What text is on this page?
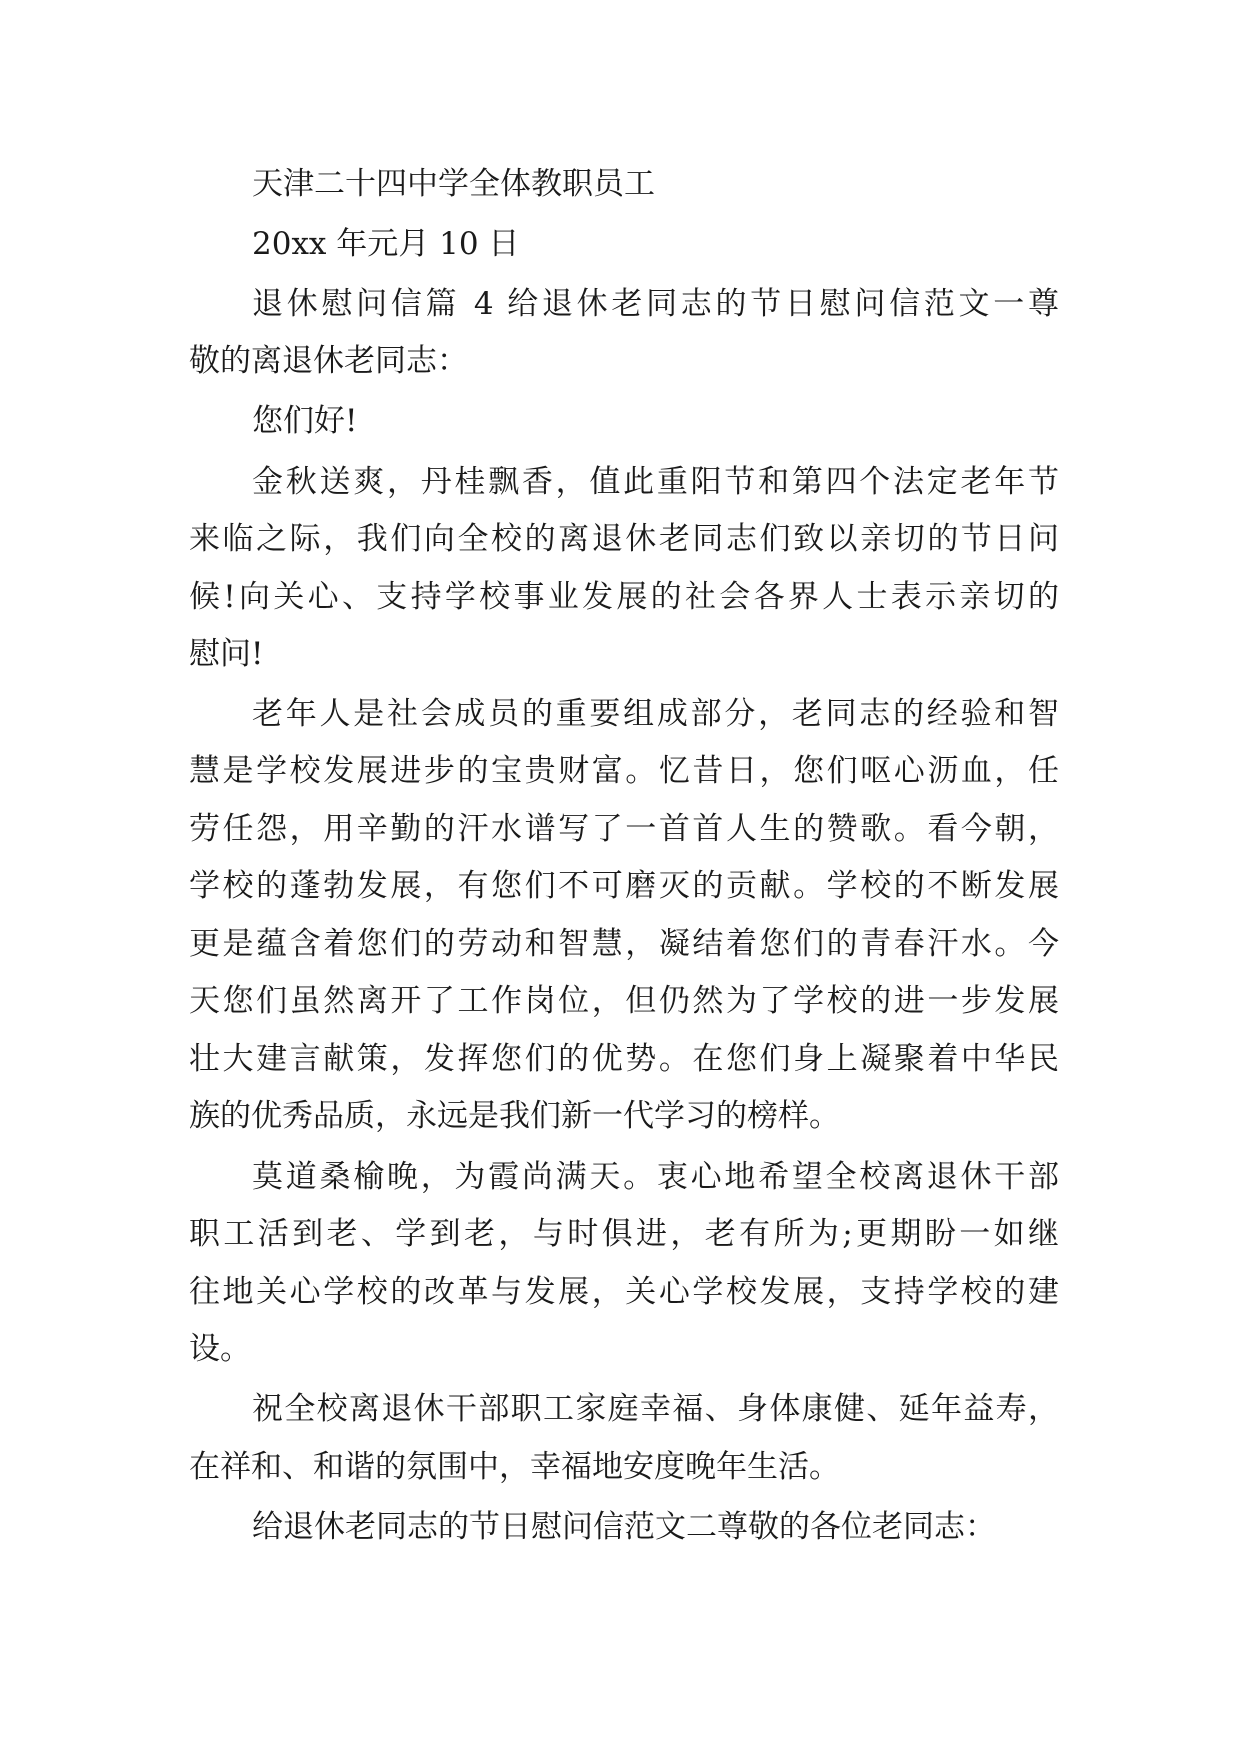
天津二十四中学全体教职员工

20xx 年元月 10 日

退休慰问信篇 4 给退休老同志的节日慰问信范文一尊

敬的离退休老同志：

您们好!

金秋送爽，丹桂飘香，值此重阳节和第四个法定老年节

来临之际，我们向全校的离退休老同志们致以亲切的节日问

候!向关心、支持学校事业发展的社会各界人士表示亲切的

慰问!

老年人是社会成员的重要组成部分，老同志的经验和智

慧是学校发展进步的宝贵财富。忆昔日，您们呕心沥血，任

劳任怨，用辛勤的汗水谱写了一首首人生的赞歌。看今朝，

学校的蓬勃发展，有您们不可磨灭的贡献。学校的不断发展

更是蕴含着您们的劳动和智慧，凝结着您们的青春汗水。今

天您们虽然离开了工作岗位，但仍然为了学校的进一步发展

壮大建言献策，发挥您们的优势。在您们身上凝聚着中华民

族的优秀品质，永远是我们新一代学习的榜样。

莫道桑榆晚，为霞尚满天。衷心地希望全校离退休干部

职工活到老、学到老，与时俱进，老有所为;更期盼一如继

往地关心学校的改革与发展，关心学校发展，支持学校的建

设。

祝全校离退休干部职工家庭幸福、身体康健、延年益寿，

在祥和、和谐的氛围中，幸福地安度晚年生活。

给退休老同志的节日慰问信范文二尊敬的各位老同志：
